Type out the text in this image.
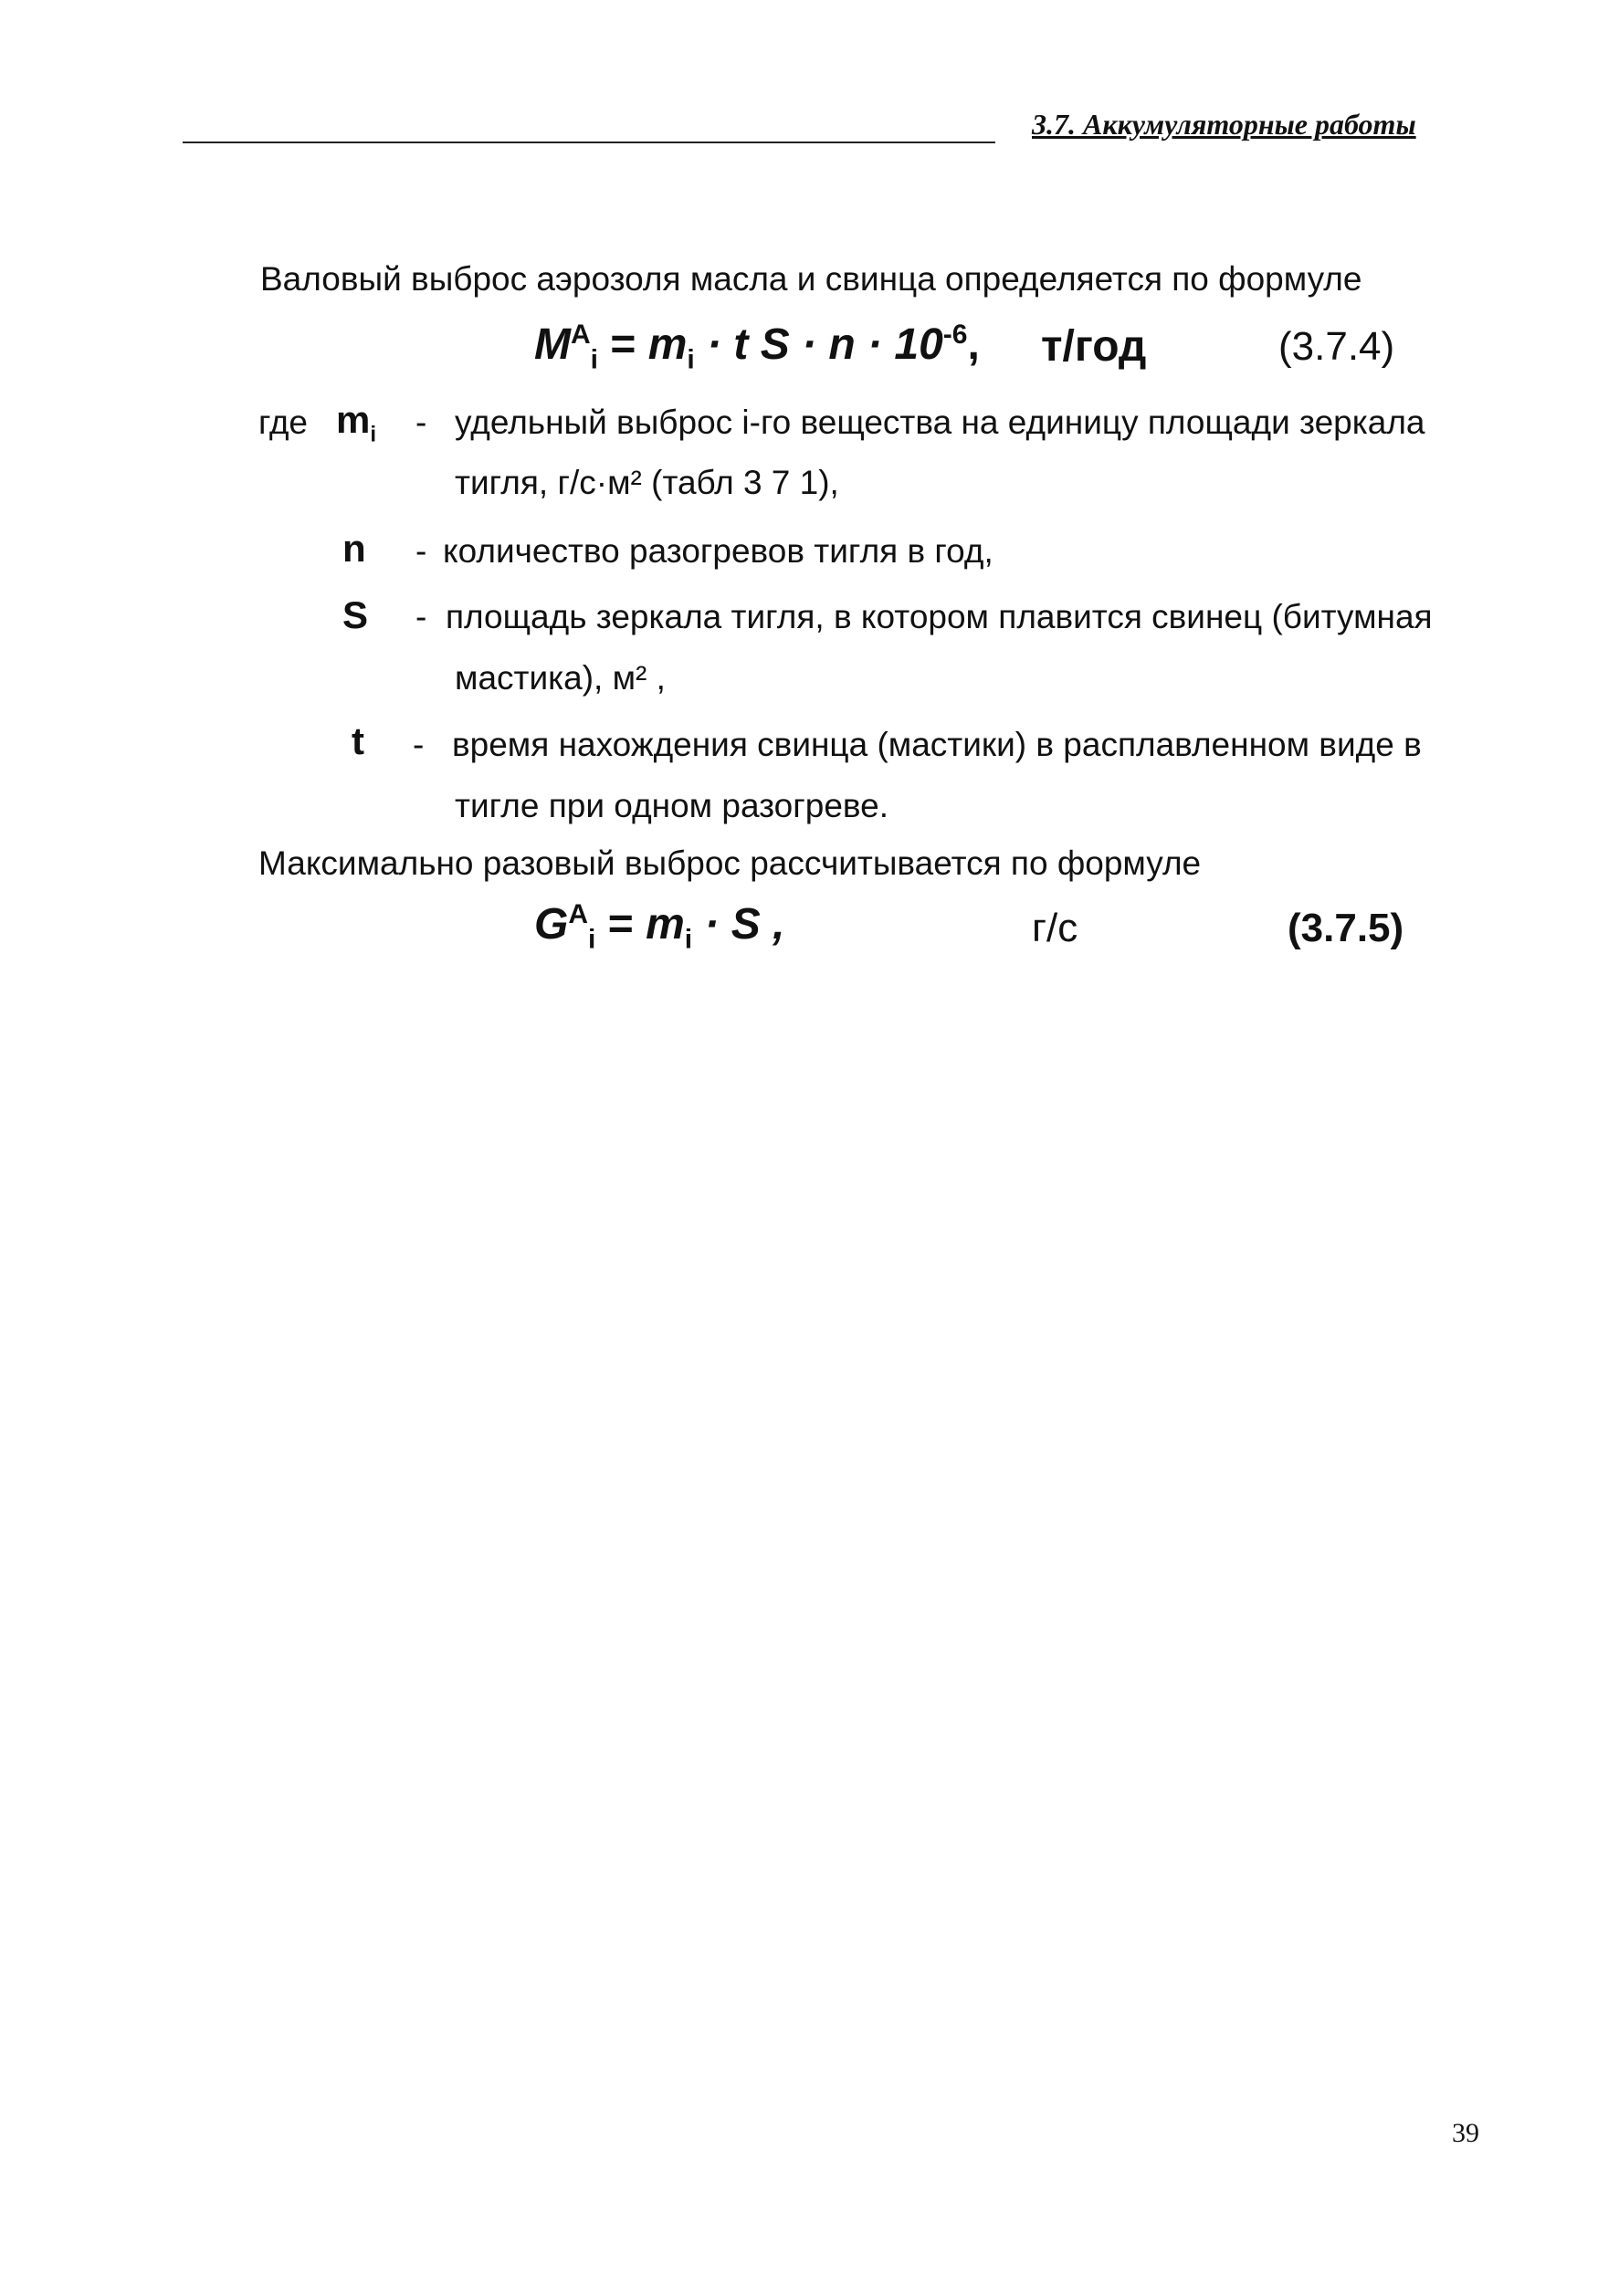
3.7. Аккумуляторные работы
Валовый выброс аэрозоля масла и свинца определяется по формуле
$M^A_i = m_i \cdot t$ $S \cdot n \cdot 10^{-6}$, т/год	(3.7.4)
где $m_i$ - удельный выброс i-го вещества на единицу площади зеркала
тигля, г/с·м² (табл 3 7 1),
n - количество разогревов тигля в год,
S - площадь зеркала тигля, в котором плавится свинец (битумная
мастика), м² ,
t - время нахождения свинца (мастики) в расплавленном виде в
тигле при одном разогреве.
Максимально разовый выброс рассчитывается по формуле
$G^A_i = m_i \cdot S$ ,	г/с	(3.7.5)
39
